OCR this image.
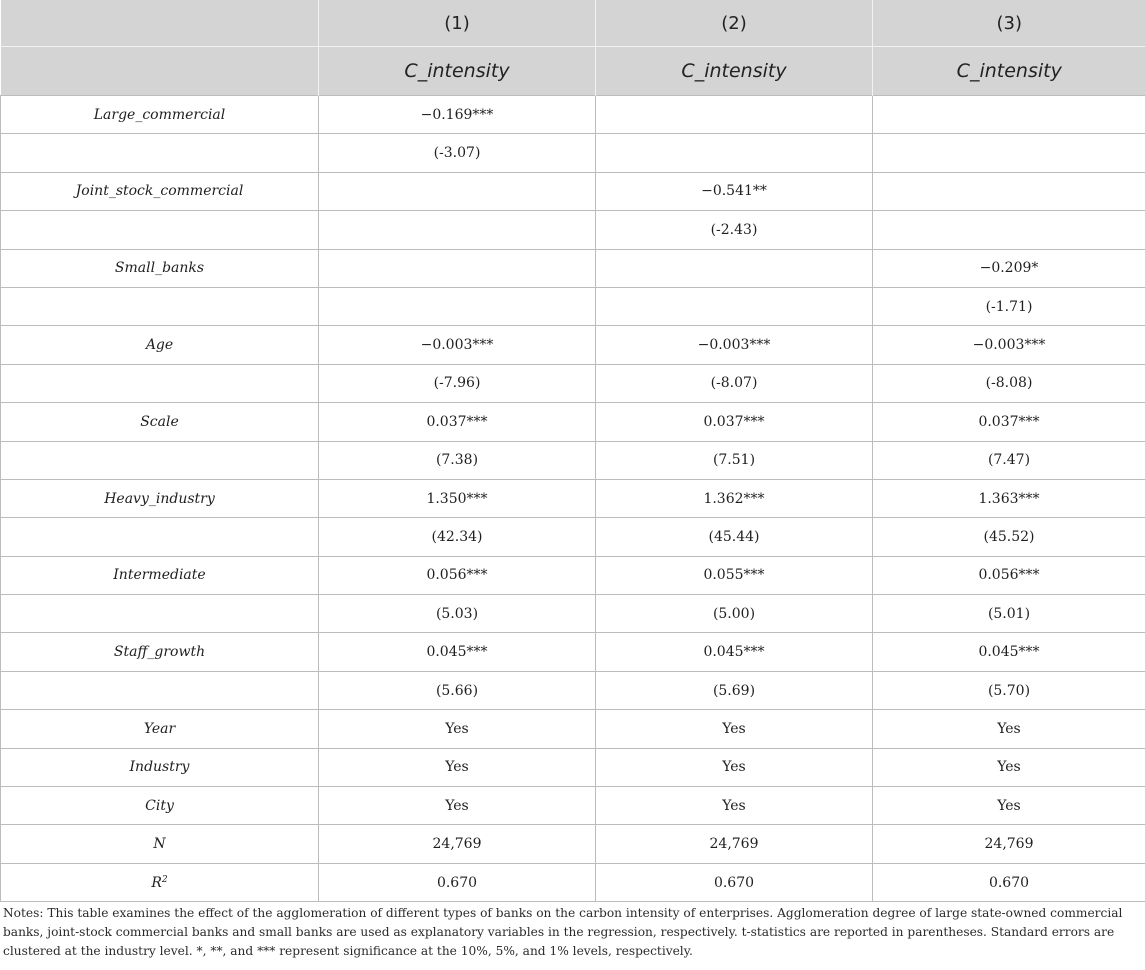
	(1)	(2)	(3)
	C_intensity	C_intensity	C_intensity
Large_commercial	−0.169***		
	(-3.07)		
Joint_stock_commercial		−0.541**	
		(-2.43)	
Small_banks			−0.209*
			(-1.71)
Age	−0.003***	−0.003***	−0.003***
	(-7.96)	(-8.07)	(-8.08)
Scale	0.037***	0.037***	0.037***
	(7.38)	(7.51)	(7.47)
Heavy_industry	1.350***	1.362***	1.363***
	(42.34)	(45.44)	(45.52)
Intermediate	0.056***	0.055***	0.056***
	(5.03)	(5.00)	(5.01)
Staff_growth	0.045***	0.045***	0.045***
	(5.66)	(5.69)	(5.70)
Year	Yes	Yes	Yes
Industry	Yes	Yes	Yes
City	Yes	Yes	Yes
N	24,769	24,769	24,769
$R^2$	0.670	0.670	0.670
Notes: This table examines the effect of the agglomeration of different types of banks on the carbon intensity of enterprises. Agglomeration degree of large state-owned commercial banks, joint-stock commercial banks and small banks are used as explanatory variables in the regression, respectively. t-statistics are reported in parentheses. Standard errors are clustered at the industry level. *, **, and *** represent significance at the 10%, 5%, and 1% levels, respectively.
